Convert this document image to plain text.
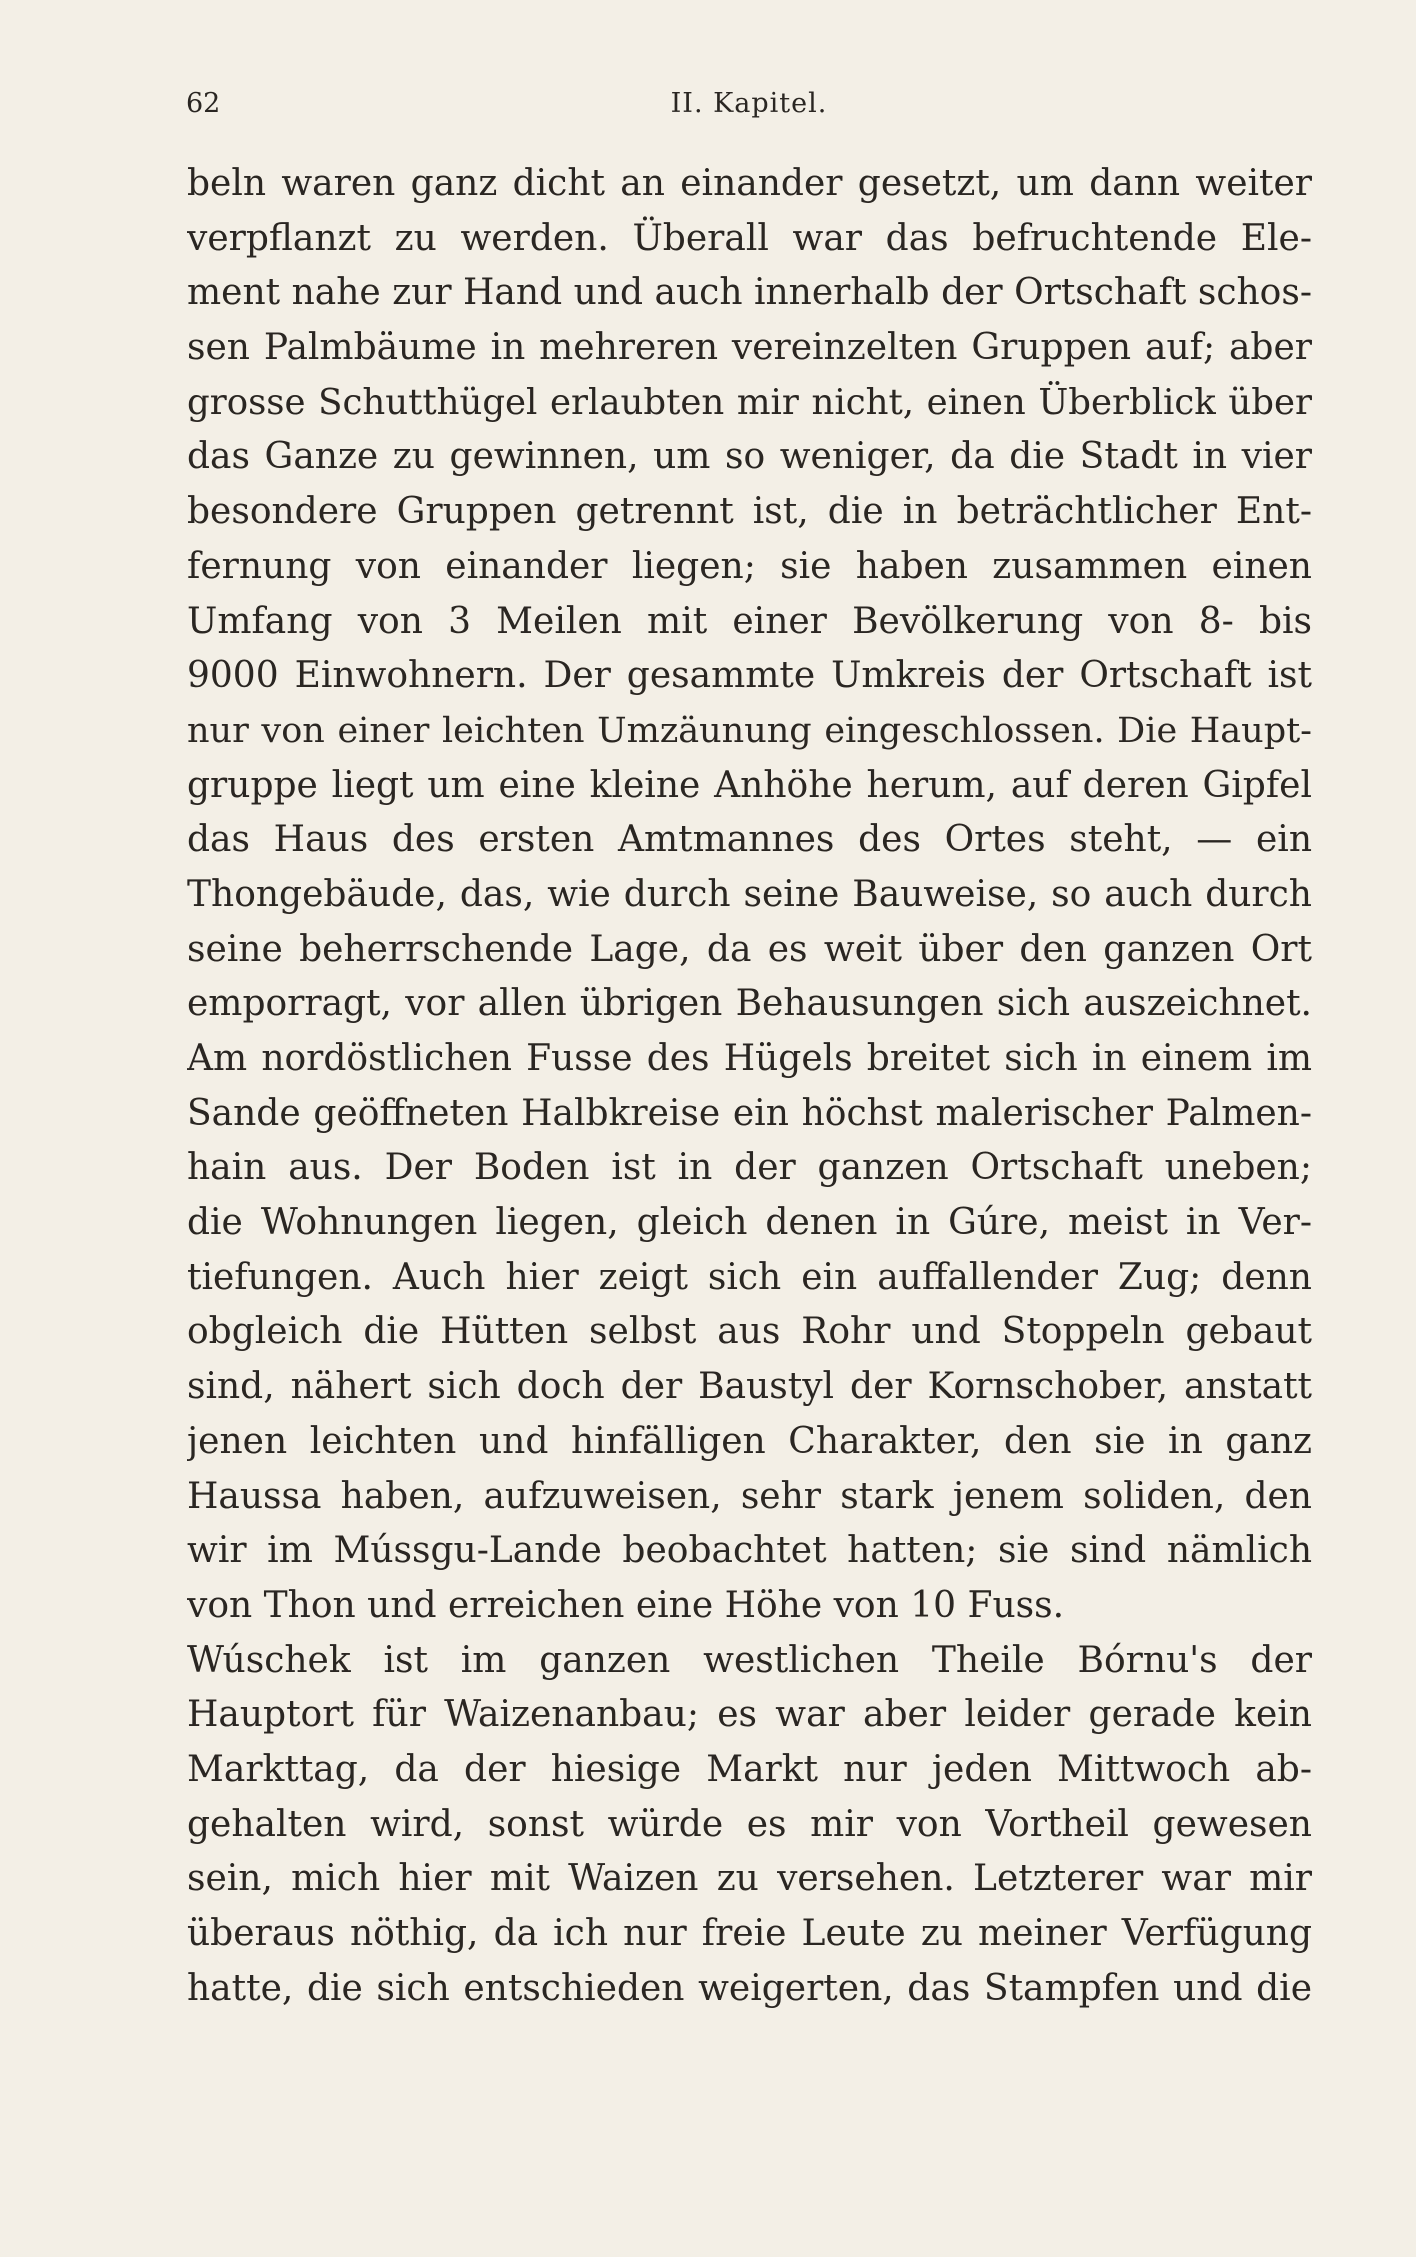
62	II. Kapitel.
beln waren ganz dicht an einander gesetzt, um dann weiter
verpflanzt zu werden. Überall war das befruchtende Ele-
ment nahe zur Hand und auch innerhalb der Ortschaft schos-
sen Palmbäume in mehreren vereinzelten Gruppen auf; aber
grosse Schutthügel erlaubten mir nicht, einen Überblick über
das Ganze zu gewinnen, um so weniger, da die Stadt in vier
besondere Gruppen getrennt ist, die in beträchtlicher Ent-
fernung von einander liegen; sie haben zusammen einen
Umfang von 3 Meilen mit einer Bevölkerung von 8- bis
9000 Einwohnern. Der gesammte Umkreis der Ortschaft ist
nur von einer leichten Umzäunung eingeschlossen. Die Haupt-
gruppe liegt um eine kleine Anhöhe herum, auf deren Gipfel
das Haus des ersten Amtmannes des Ortes steht, — ein
Thongebäude, das, wie durch seine Bauweise, so auch durch
seine beherrschende Lage, da es weit über den ganzen Ort
emporragt, vor allen übrigen Behausungen sich auszeichnet.
Am nordöstlichen Fusse des Hügels breitet sich in einem im
Sande geöffneten Halbkreise ein höchst malerischer Palmen-
hain aus. Der Boden ist in der ganzen Ortschaft uneben;
die Wohnungen liegen, gleich denen in Gúre, meist in Ver-
tiefungen. Auch hier zeigt sich ein auffallender Zug; denn
obgleich die Hütten selbst aus Rohr und Stoppeln gebaut
sind, nähert sich doch der Baustyl der Kornschober, anstatt
jenen leichten und hinfälligen Charakter, den sie in ganz
Haussa haben, aufzuweisen, sehr stark jenem soliden, den
wir im Mússgu-Lande beobachtet hatten; sie sind nämlich
von Thon und erreichen eine Höhe von 10 Fuss.
Wúschek ist im ganzen westlichen Theile Bórnu's der
Hauptort für Waizenanbau; es war aber leider gerade kein
Markttag, da der hiesige Markt nur jeden Mittwoch ab-
gehalten wird, sonst würde es mir von Vortheil gewesen
sein, mich hier mit Waizen zu versehen. Letzterer war mir
überaus nöthig, da ich nur freie Leute zu meiner Verfügung
hatte, die sich entschieden weigerten, das Stampfen und die
